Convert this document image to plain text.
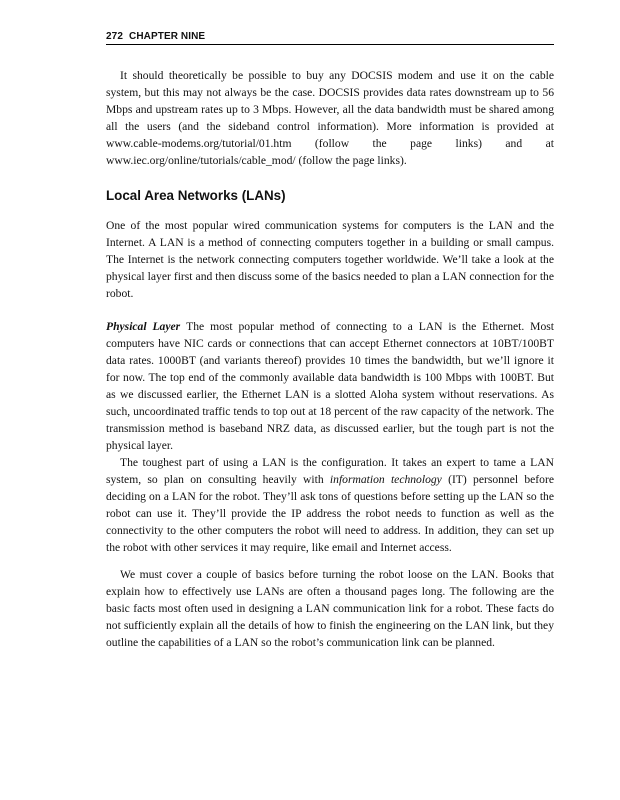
272 CHAPTER NINE

It should theoretically be possible to buy any DOCSIS modem and use it on the cable system, but this may not always be the case. DOCSIS provides data rates downstream up to 56 Mbps and upstream rates up to 3 Mbps. However, all the data bandwidth must be shared among all the users (and the sideband control information). More information is provided at www.cable-modems.org/tutorial/01.htm (follow the page links) and at www.iec.org/online/tutorials/cable_mod/ (follow the page links).

Local Area Networks (LANs)

One of the most popular wired communication systems for computers is the LAN and the Internet. A LAN is a method of connecting computers together in a building or small campus. The Internet is the network connecting computers together worldwide. We’ll take a look at the physical layer first and then discuss some of the basics needed to plan a LAN connection for the robot.

Physical Layer The most popular method of connecting to a LAN is the Ethernet. Most computers have NIC cards or connections that can accept Ethernet connectors at 10BT/100BT data rates. 1000BT (and variants thereof) provides 10 times the bandwidth, but we’ll ignore it for now. The top end of the commonly available data bandwidth is 100 Mbps with 100BT. But as we discussed earlier, the Ethernet LAN is a slotted Aloha system without reservations. As such, uncoordinated traffic tends to top out at 18 percent of the raw capacity of the network. The transmission method is baseband NRZ data, as discussed earlier, but the tough part is not the physical layer.

The toughest part of using a LAN is the configuration. It takes an expert to tame a LAN system, so plan on consulting heavily with information technology (IT) personnel before deciding on a LAN for the robot. They’ll ask tons of questions before setting up the LAN so the robot can use it. They’ll provide the IP address the robot needs to function as well as the connectivity to the other computers the robot will need to address. In addition, they can set up the robot with other services it may require, like email and Internet access.

We must cover a couple of basics before turning the robot loose on the LAN. Books that explain how to effectively use LANs are often a thousand pages long. The following are the basic facts most often used in designing a LAN communication link for a robot. These facts do not sufficiently explain all the details of how to finish the engineering on the LAN link, but they outline the capabilities of a LAN so the robot’s communication link can be planned.
